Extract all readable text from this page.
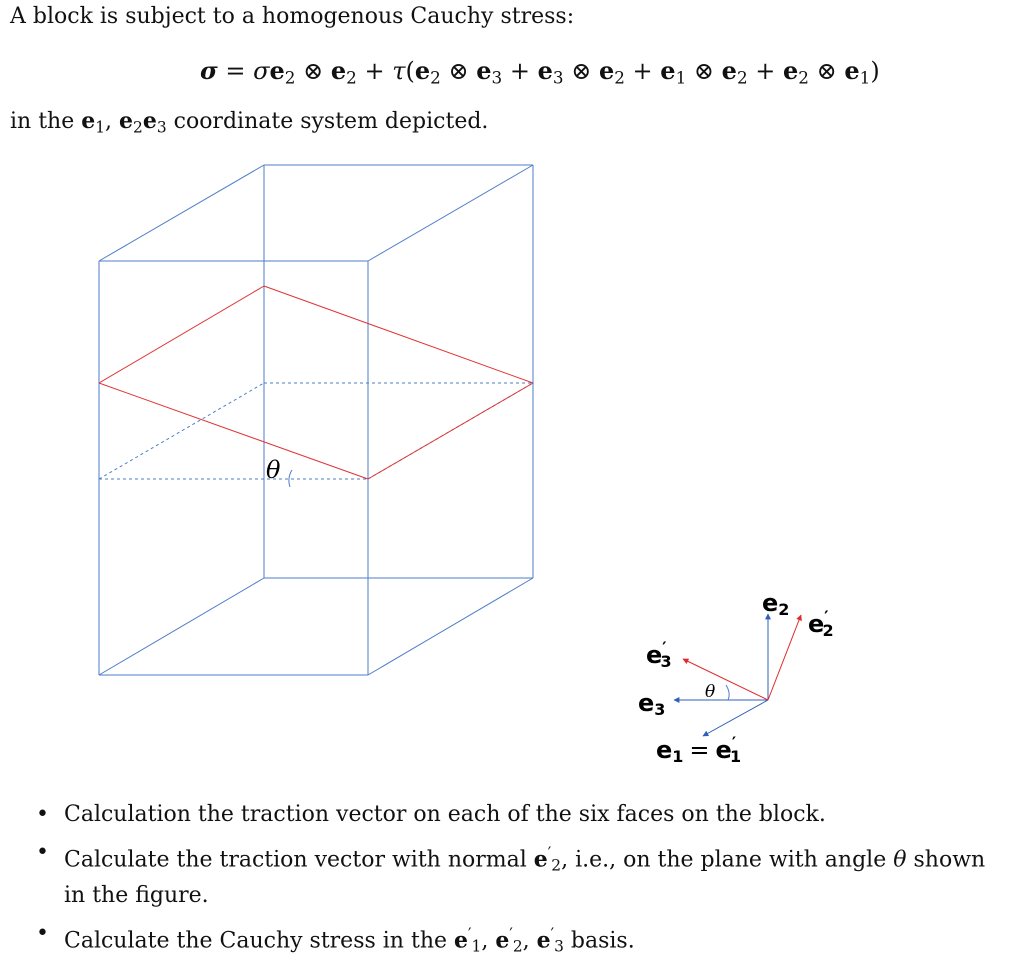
A block is subject to a homogenous Cauchy stress:
$\sigma = \sigma e_2$ ⊗ $e_2 + \tau(e_2$ ⊗ $e_3 + e_3$ ⊗ $e_2 + e_1$ ⊗ $e_2 + e_2$ ⊗ $e_1$)
in the $e_1$, $e_2e_3$ coordinate system depicted.
θ
θ
e2
e′ 2
e′ 3
e3
e1 = e′ 1
• Calculation the traction vector on each of the six faces on the block.
• Calculate the traction vector with normal $e'_2$, i.e., on the plane with angle θ shown in the figure.
• Calculate the Cauchy stress in the $e'_1$, $e'_2$, $e'_3$ basis.
